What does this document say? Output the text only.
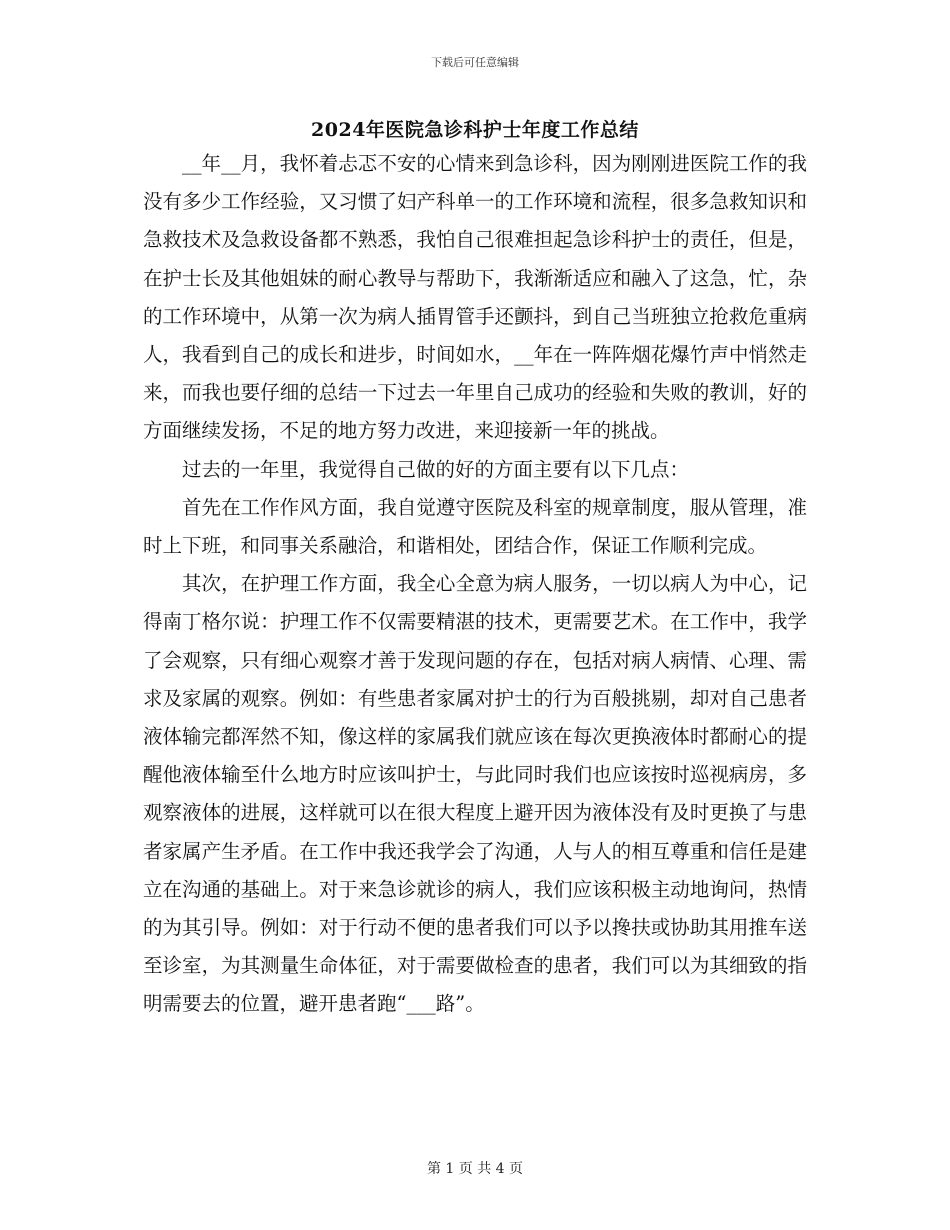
下载后可任意编辑
2024年医院急诊科护士年度工作总结

__年__月，我怀着忐忑不安的心情来到急诊科，因为刚刚进医院工作的我没有多少工作经验，又习惯了妇产科单一的工作环境和流程，很多急救知识和急救技术及急救设备都不熟悉，我怕自己很难担起急诊科护士的责任，但是，在护士长及其他姐妹的耐心教导与帮助下，我渐渐适应和融入了这急，忙，杂的工作环境中，从第一次为病人插胃管手还颤抖，到自己当班独立抢救危重病人，我看到自己的成长和进步，时间如水，__年在一阵阵烟花爆竹声中悄然走来，而我也要仔细的总结一下过去一年里自己成功的经验和失败的教训，好的方面继续发扬，不足的地方努力改进，来迎接新一年的挑战。

过去的一年里，我觉得自己做的好的方面主要有以下几点：

首先在工作作风方面，我自觉遵守医院及科室的规章制度，服从管理，准时上下班，和同事关系融洽，和谐相处，团结合作，保证工作顺利完成。

其次，在护理工作方面，我全心全意为病人服务，一切以病人为中心，记得南丁格尔说：护理工作不仅需要精湛的技术，更需要艺术。在工作中，我学了会观察，只有细心观察才善于发现问题的存在，包括对病人病情、心理、需求及家属的观察。例如：有些患者家属对护士的行为百般挑剔，却对自己患者液体输完都浑然不知，像这样的家属我们就应该在每次更换液体时都耐心的提醒他液体输至什么地方时应该叫护士，与此同时我们也应该按时巡视病房，多观察液体的进展，这样就可以在很大程度上避开因为液体没有及时更换了与患者家属产生矛盾。在工作中我还我学会了沟通，人与人的相互尊重和信任是建立在沟通的基础上。对于来急诊就诊的病人，我们应该积极主动地询问，热情的为其引导。例如：对于行动不便的患者我们可以予以搀扶或协助其用推车送至诊室，为其测量生命体征，对于需要做检查的患者，我们可以为其细致的指明需要去的位置，避开患者跑“___路”。

第 1 页 共 4 页
